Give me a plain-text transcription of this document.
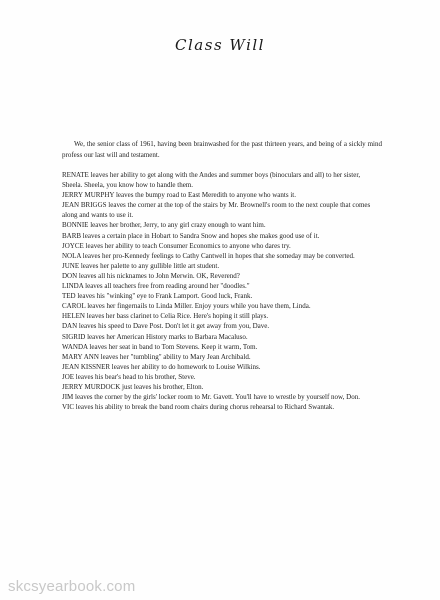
Class Will

We, the senior class of 1961, having been brainwashed for the past thirteen years, and being of a sickly mind profess our last will and testament.

RENATE leaves her ability to get along with the Andes and summer boys (binoculars and all) to her sister, Sheela. Sheela, you know how to handle them.
JERRY MURPHY leaves the bumpy road to East Meredith to anyone who wants it.
JEAN BRIGGS leaves the corner at the top of the stairs by Mr. Brownell's room to the next couple that comes along and wants to use it.
BONNIE leaves her brother, Jerry, to any girl crazy enough to want him.
BARB leaves a certain place in Hobart to Sandra Snow and hopes she makes good use of it.
JOYCE leaves her ability to teach Consumer Economics to anyone who dares try.
NOLA leaves her pro-Kennedy feelings to Cathy Cantwell in hopes that she someday may be converted.
JUNE leaves her palette to any gullible little art student.
DON leaves all his nicknames to John Merwin. OK, Reverend?
LINDA leaves all teachers free from reading around her "doodles."
TED leaves his "winking" eye to Frank Lamport. Good luck, Frank.
CAROL leaves her fingernails to Linda Miller. Enjoy yours while you have them, Linda.
HELEN leaves her bass clarinet to Celia Rice. Here's hoping it still plays.
DAN leaves his speed to Dave Post. Don't let it get away from you, Dave.
SIGRID leaves her American History marks to Barbara Macaluso.
WANDA leaves her seat in band to Tom Stevens. Keep it warm, Tom.
MARY ANN leaves her "tumbling" ability to Mary Jean Archibald.
JEAN KISSNER leaves her ability to do homework to Louise Wilkins.
JOE leaves his bear's head to his brother, Steve.
JERRY MURDOCK just leaves his brother, Elton.
JIM leaves the corner by the girls' locker room to Mr. Gavett. You'll have to wrestle by yourself now, Don.
VIC leaves his ability to break the band room chairs during chorus rehearsal to Richard Swantak.
skcsyearbook.com
